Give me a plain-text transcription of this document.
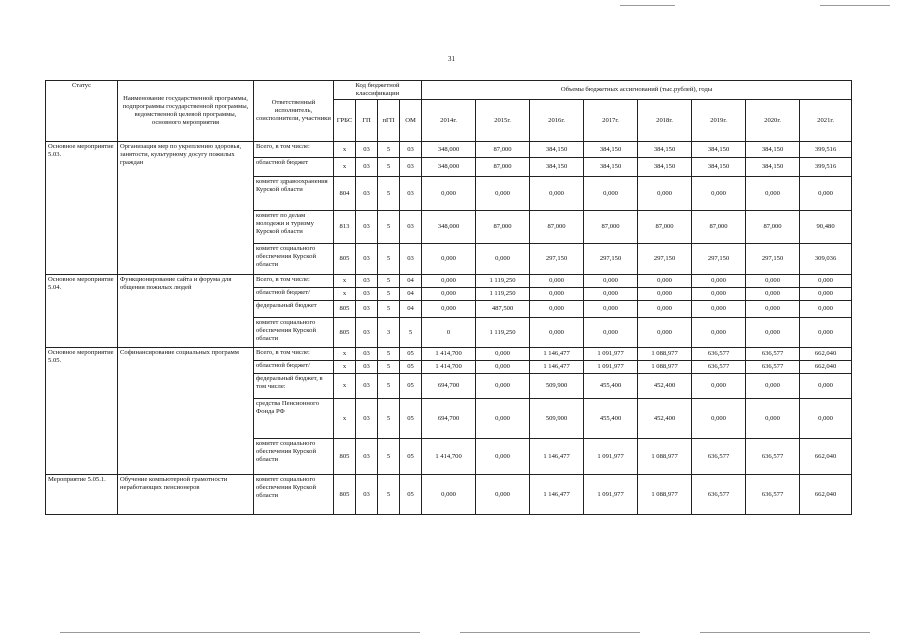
31
Статус	Наименование государственной программы, подпрограммы государственной программы, ведомственной целевой программы, основного мероприятия	Ответственный исполнитель, соисполнители, участники	Код бюджетной классификации				Объемы бюджетных ассигнований (тыс.рублей), годы							
			ГРБС	ГП	пГП	ОМ	2014г.	2015г.	2016г.	2017г.	2018г.	2019г.	2020г.	2021г.
Основное мероприятие 5.03.	Организация мер по укреплению здоровья, занятости, культурному досугу пожилых граждан	Всего, в том числе:	х	03	5	03	348,000	87,000	384,150	384,150	384,150	384,150	384,150	399,516
		областной бюджет	х	03	5	03	348,000	87,000	384,150	384,150	384,150	384,150	384,150	399,516
		комитет здравоохранения Курской области	804	03	5	03	0,000	0,000	0,000	0,000	0,000	0,000	0,000	0,000
		комитет по делам молодежи и туризму Курской области	813	03	5	03	348,000	87,000	87,000	87,000	87,000	87,000	87,000	90,480
		комитет социального обеспечения Курской области	805	03	5	03	0,000	0,000	297,150	297,150	297,150	297,150	297,150	309,036
Основное мероприятие 5.04.	Функционирование сайта и форума для общения пожилых людей	Всего, в том числе:	х	03	5	04	0,000	1 119,250	0,000	0,000	0,000	0,000	0,000	0,000
		областной бюджет/	х	03	5	04	0,000	1 119,250	0,000	0,000	0,000	0,000	0,000	0,000
		федеральный бюджет	805	03	5	04	0,000	487,500	0,000	0,000	0,000	0,000	0,000	0,000
		комитет социального обеспечения Курской области	805	03	3	5	0	1 119,250	0,000	0,000	0,000	0,000	0,000	0,000
Основное мероприятие 5.05.	Софинансирование социальных программ	Всего, в том числе:	х	03	5	05	1 414,700	0,000	1 146,477	1 091,977	1 088,977	636,577	636,577	662,040
		областной бюджет/	х	03	5	05	1 414,700	0,000	1 146,477	1 091,977	1 088,977	636,577	636,577	662,040
		федеральный бюджет, в том числе:	х	03	5	05	694,700	0,000	509,900	455,400	452,400	0,000	0,000	0,000
		средства Пенсионного Фонда РФ	х	03	5	05	694,700	0,000	509,900	455,400	452,400	0,000	0,000	0,000
		комитет социального обеспечения Курской области	805	03	5	05	1 414,700	0,000	1 146,477	1 091,977	1 088,977	636,577	636,577	662,040
Мероприятие 5.05.1.	Обучение компьютерной грамотности неработающих пенсионеров	комитет социального обеспечения Курской области	805	03	5	05	0,000	0,000	1 146,477	1 091,977	1 088,977	636,577	636,577	662,040
